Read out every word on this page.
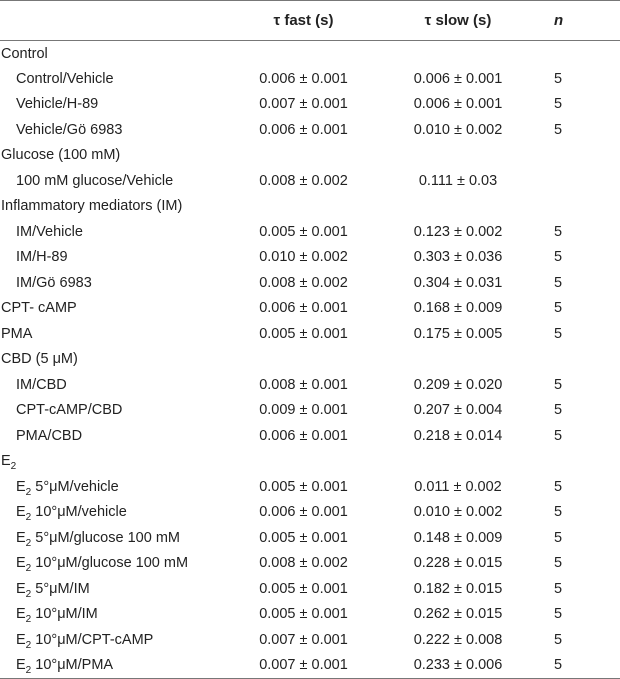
	τ fast (s)	τ slow (s)	n
Control			
Control/Vehicle	0.006 ± 0.001	0.006 ± 0.001	5
Vehicle/H-89	0.007 ± 0.001	0.006 ± 0.001	5
Vehicle/Gö 6983	0.006 ± 0.001	0.010 ± 0.002	5
Glucose (100 mM)			
100 mM glucose/Vehicle	0.008 ± 0.002	0.111 ± 0.03	
Inflammatory mediators (IM)			
IM/Vehicle	0.005 ± 0.001	0.123 ± 0.002	5
IM/H-89	0.010 ± 0.002	0.303 ± 0.036	5
IM/Gö 6983	0.008 ± 0.002	0.304 ± 0.031	5
CPT- cAMP	0.006 ± 0.001	0.168 ± 0.009	5
PMA	0.005 ± 0.001	0.175 ± 0.005	5
CBD (5 μM)			
IM/CBD	0.008 ± 0.001	0.209 ± 0.020	5
CPT-cAMP/CBD	0.009 ± 0.001	0.207 ± 0.004	5
PMA/CBD	0.006 ± 0.001	0.218 ± 0.014	5
$E_2$			
$E_2$ 5°μM/vehicle	0.005 ± 0.001	0.011 ± 0.002	5
$E_2$ 10°μM/vehicle	0.006 ± 0.001	0.010 ± 0.002	5
$E_2$ 5°μM/glucose 100 mM	0.005 ± 0.001	0.148 ± 0.009	5
$E_2$ 10°μM/glucose 100 mM	0.008 ± 0.002	0.228 ± 0.015	5
$E_2$ 5°μM/IM	0.005 ± 0.001	0.182 ± 0.015	5
$E_2$ 10°μM/IM	0.005 ± 0.001	0.262 ± 0.015	5
$E_2$ 10°μM/CPT-cAMP	0.007 ± 0.001	0.222 ± 0.008	5
$E_2$ 10°μM/PMA	0.007 ± 0.001	0.233 ± 0.006	5
